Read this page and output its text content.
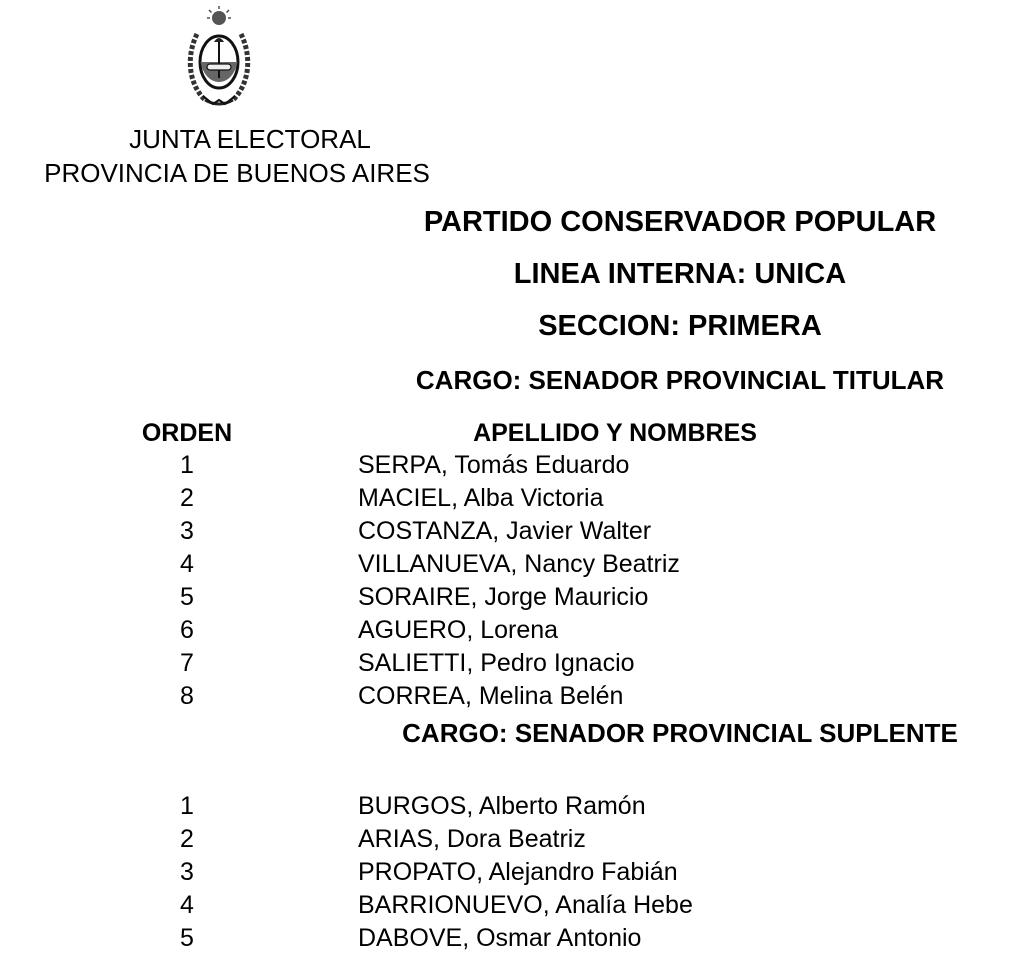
JUNTA ELECTORAL
PROVINCIA DE BUENOS AIRES
PARTIDO CONSERVADOR POPULAR
LINEA INTERNA: UNICA
SECCION: PRIMERA
CARGO: SENADOR PROVINCIAL TITULAR
ORDEN	APELLIDO Y NOMBRES
1	SERPA, Tomás Eduardo
2	MACIEL, Alba Victoria
3	COSTANZA, Javier Walter
4	VILLANUEVA, Nancy Beatriz
5	SORAIRE, Jorge Mauricio
6	AGUERO, Lorena
7	SALIETTI, Pedro Ignacio
8	CORREA, Melina Belén
CARGO: SENADOR PROVINCIAL SUPLENTE
1	BURGOS, Alberto Ramón
2	ARIAS, Dora Beatriz
3	PROPATO, Alejandro Fabián
4	BARRIONUEVO, Analía Hebe
5	DABOVE, Osmar Antonio
